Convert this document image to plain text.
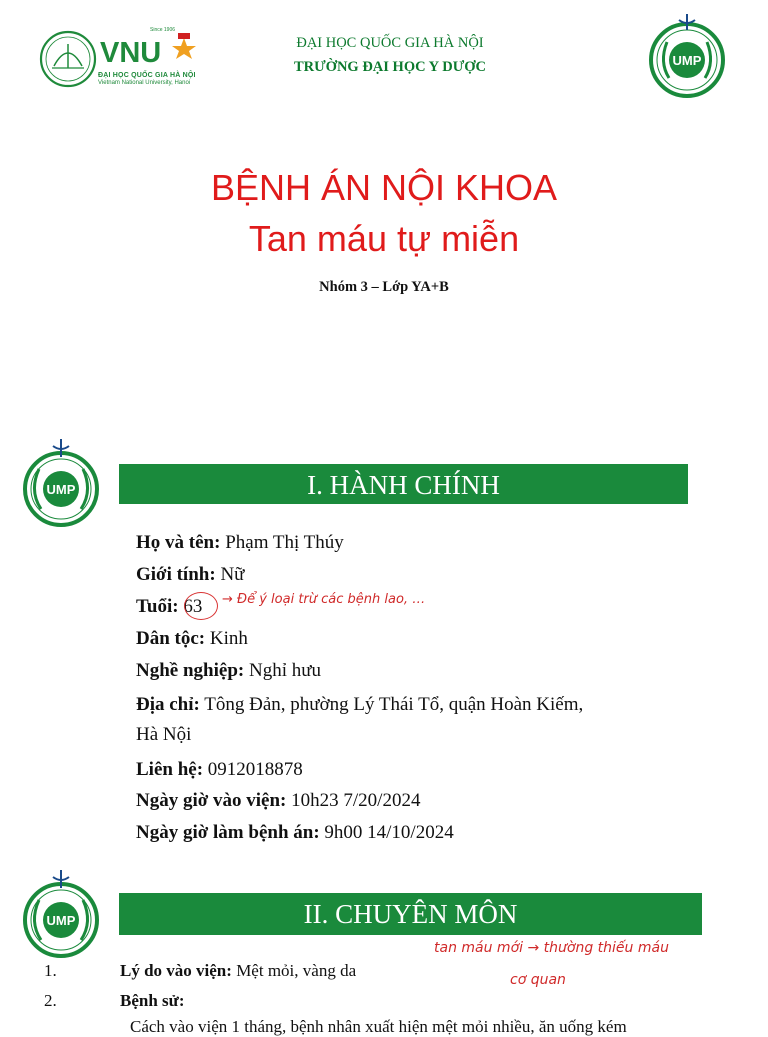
VNU
Since 1906
ĐẠI HỌC QUỐC GIA HÀ NỘI
Vietnam National University, Hanoi
ĐẠI HỌC QUỐC GIA HÀ NỘI
TRƯỜNG ĐẠI HỌC Y DƯỢC	UMP
BỆNH ÁN NỘI KHOA
Tan máu tự miễn
Nhóm 3 – Lớp YA+B
UMP	I. HÀNH CHÍNH
Họ và tên: Phạm Thị Thúy
Giới tính: Nữ
Tuổi: 63 → Để ý loại trừ các bệnh lao, …
Dân tộc: Kinh
Nghề nghiệp: Nghỉ hưu
Địa chỉ: Tông Đản, phường Lý Thái Tổ, quận Hoàn Kiếm,
Hà Nội
Liên hệ: 0912018878
Ngày giờ vào viện: 10h23 7/20/2024
Ngày giờ làm bệnh án: 9h00 14/10/2024
UMP	II. CHUYÊN MÔN
1.	Lý do vào viện: Mệt mỏi, vàng da
2.	Bệnh sử:
Cách vào viện 1 tháng, bệnh nhân xuất hiện mệt mỏi nhiều, ăn uống kém
tan máu mới → thường thiếu máu
cơ quan
